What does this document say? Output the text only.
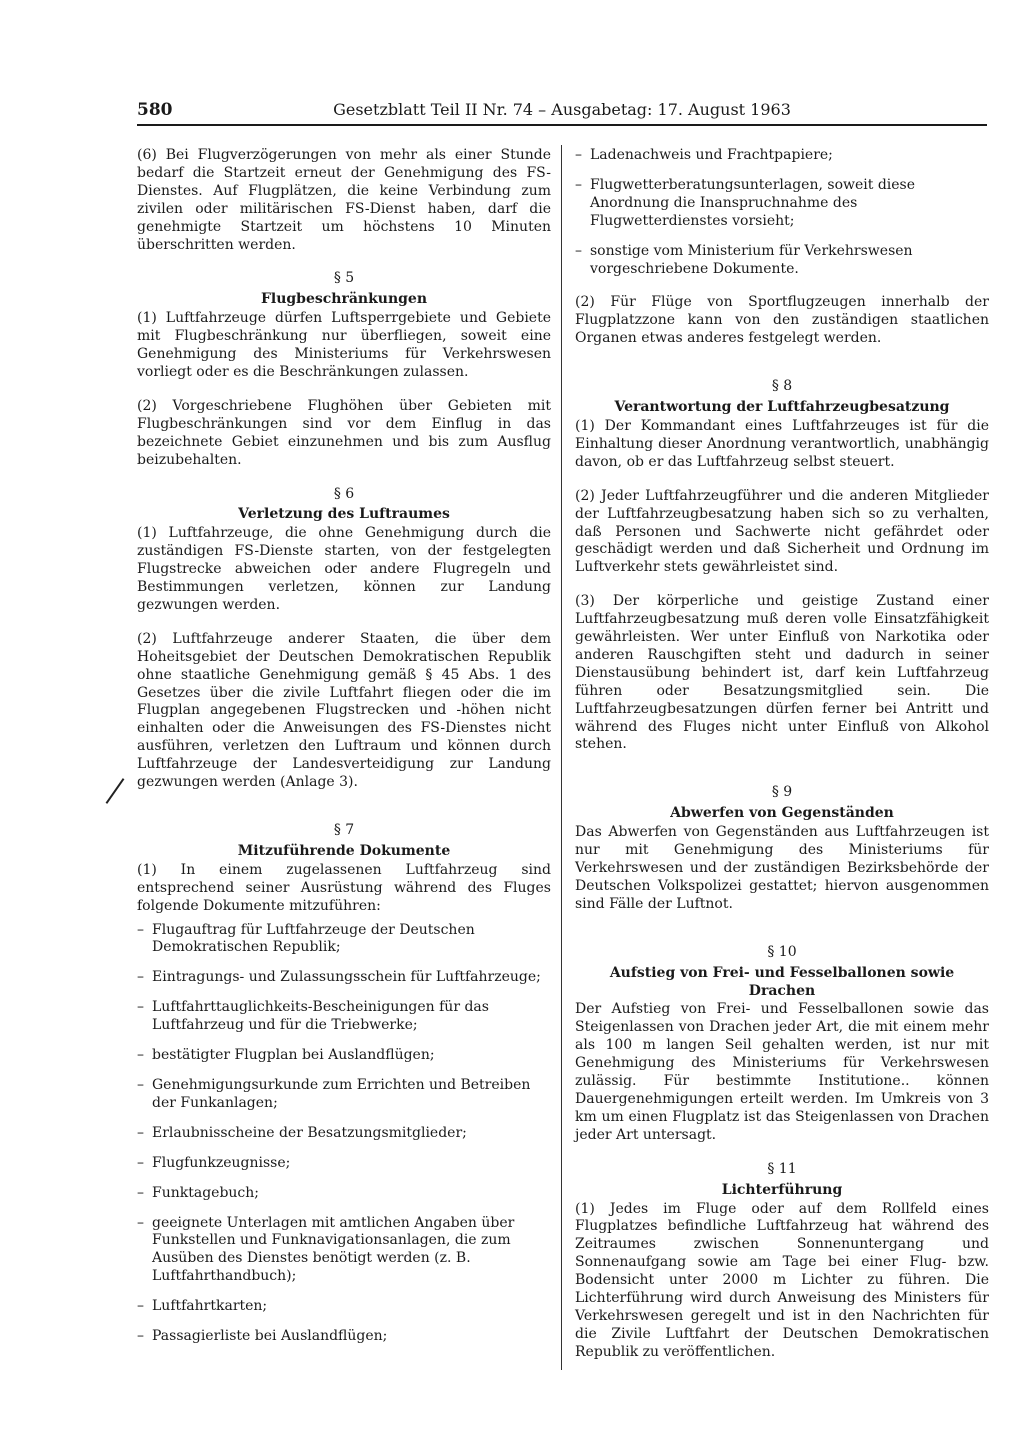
580	Gesetzblatt Teil II Nr. 74 – Ausgabetag: 17. August 1963

(6) Bei Flugverzögerungen von mehr als einer Stunde bedarf die Startzeit erneut der Genehmigung des FS-Dienstes. Auf Flugplätzen, die keine Verbindung zum zivilen oder militärischen FS-Dienst haben, darf die genehmigte Startzeit um höchstens 10 Minuten überschritten werden.

§ 5
Flugbeschränkungen

(1) Luftfahrzeuge dürfen Luftsperrgebiete und Gebiete mit Flugbeschränkung nur überfliegen, soweit eine Genehmigung des Ministeriums für Verkehrswesen vorliegt oder es die Beschränkungen zulassen.

(2) Vorgeschriebene Flughöhen über Gebieten mit Flugbeschränkungen sind vor dem Einflug in das bezeichnete Gebiet einzunehmen und bis zum Ausflug beizubehalten.

§ 6
Verletzung des Luftraumes

(1) Luftfahrzeuge, die ohne Genehmigung durch die zuständigen FS-Dienste starten, von der festgelegten Flugstrecke abweichen oder andere Flugregeln und Bestimmungen verletzen, können zur Landung gezwungen werden.

(2) Luftfahrzeuge anderer Staaten, die über dem Hoheitsgebiet der Deutschen Demokratischen Republik ohne staatliche Genehmigung gemäß § 45 Abs. 1 des Gesetzes über die zivile Luftfahrt fliegen oder die im Flugplan angegebenen Flugstrecken und -höhen nicht einhalten oder die Anweisungen des FS-Dienstes nicht ausführen, verletzen den Luftraum und können durch Luftfahrzeuge der Landesverteidigung zur Landung gezwungen werden (Anlage 3).

§ 7
Mitzuführende Dokumente

(1) In einem zugelassenen Luftfahrzeug sind entsprechend seiner Ausrüstung während des Fluges folgende Dokumente mitzuführen:

– Flugauftrag für Luftfahrzeuge der Deutschen Demokratischen Republik;

– Eintragungs- und Zulassungsschein für Luftfahrzeuge;

– Luftfahrttauglichkeits-Bescheinigungen für das Luftfahrzeug und für die Triebwerke;

– bestätigter Flugplan bei Auslandflügen;

– Genehmigungsurkunde zum Errichten und Betreiben der Funkanlagen;

– Erlaubnisscheine der Besatzungsmitglieder;

– Flugfunkzeugnisse;

– Funktagebuch;

– geeignete Unterlagen mit amtlichen Angaben über Funkstellen und Funknavigationsanlagen, die zum Ausüben des Dienstes benötigt werden (z. B. Luftfahrthandbuch);

– Luftfahrtkarten;

– Passagierliste bei Auslandflügen;

– Ladenachweis und Frachtpapiere;

– Flugwetterberatungsunterlagen, soweit diese Anordnung die Inanspruchnahme des Flugwetterdienstes vorsieht;

– sonstige vom Ministerium für Verkehrswesen vorgeschriebene Dokumente.

(2) Für Flüge von Sportflugzeugen innerhalb der Flugplatzzone kann von den zuständigen staatlichen Organen etwas anderes festgelegt werden.

§ 8
Verantwortung der Luftfahrzeugbesatzung

(1) Der Kommandant eines Luftfahrzeuges ist für die Einhaltung dieser Anordnung verantwortlich, unabhängig davon, ob er das Luftfahrzeug selbst steuert.

(2) Jeder Luftfahrzeugführer und die anderen Mitglieder der Luftfahrzeugbesatzung haben sich so zu verhalten, daß Personen und Sachwerte nicht gefährdet oder geschädigt werden und daß Sicherheit und Ordnung im Luftverkehr stets gewährleistet sind.

(3) Der körperliche und geistige Zustand einer Luftfahrzeugbesatzung muß deren volle Einsatzfähigkeit gewährleisten. Wer unter Einfluß von Narkotika oder anderen Rauschgiften steht und dadurch in seiner Dienstausübung behindert ist, darf kein Luftfahrzeug führen oder Besatzungsmitglied sein. Die Luftfahrzeugbesatzungen dürfen ferner bei Antritt und während des Fluges nicht unter Einfluß von Alkohol stehen.

§ 9
Abwerfen von Gegenständen

Das Abwerfen von Gegenständen aus Luftfahrzeugen ist nur mit Genehmigung des Ministeriums für Verkehrswesen und der zuständigen Bezirksbehörde der Deutschen Volkspolizei gestattet; hiervon ausgenommen sind Fälle der Luftnot.

§ 10
Aufstieg von Frei- und Fesselballonen sowie Drachen

Der Aufstieg von Frei- und Fesselballonen sowie das Steigenlassen von Drachen jeder Art, die mit einem mehr als 100 m langen Seil gehalten werden, ist nur mit Genehmigung des Ministeriums für Verkehrswesen zulässig. Für bestimmte Institutione.. können Dauergenehmigungen erteilt werden. Im Umkreis von 3 km um einen Flugplatz ist das Steigenlassen von Drachen jeder Art untersagt.

§ 11
Lichterführung

(1) Jedes im Fluge oder auf dem Rollfeld eines Flugplatzes befindliche Luftfahrzeug hat während des Zeitraumes zwischen Sonnenuntergang und Sonnenaufgang sowie am Tage bei einer Flug- bzw. Bodensicht unter 2000 m Lichter zu führen. Die Lichterführung wird durch Anweisung des Ministers für Verkehrswesen geregelt und ist in den Nachrichten für die Zivile Luftfahrt der Deutschen Demokratischen Republik zu veröffentlichen.
